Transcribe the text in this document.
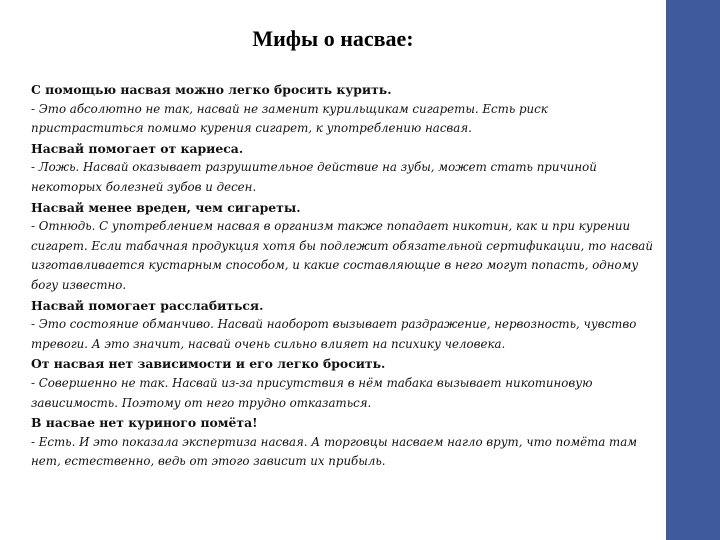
Мифы о насвае:

С помощью насвая можно легко бросить курить.

- Это абсолютно не так, насвай не заменит курильщикам сигареты. Есть риск
пристраститься помимо курения сигарет, к употреблению насвая.

Насвай помогает от кариеса.

- Ложь. Насвай оказывает разрушительное действие на зубы, может стать причиной
некоторых болезней зубов и десен.

Насвай менее вреден, чем сигареты.

- Отнюдь. С употреблением насвая в организм также попадает никотин, как и при курении
сигарет. Если табачная продукция хотя бы подлежит обязательной сертификации, то насвай
изготавливается кустарным способом, и какие составляющие в него могут попасть, одному
богу известно.

Насвай помогает расслабиться.

- Это состояние обманчиво. Насвай наоборот вызывает раздражение, нервозность, чувство
тревоги. А это значит, насвай очень сильно влияет на психику человека.

От насвая нет зависимости и его легко бросить.

- Совершенно не так. Насвай из-за присутствия в нём табака вызывает никотиновую
зависимость. Поэтому от него трудно отказаться.

В насвае нет куриного помёта!

- Есть. И это показала экспертиза насвая. А торговцы насваем нагло врут, что помёта там
нет, естественно, ведь от этого зависит их прибыль.
